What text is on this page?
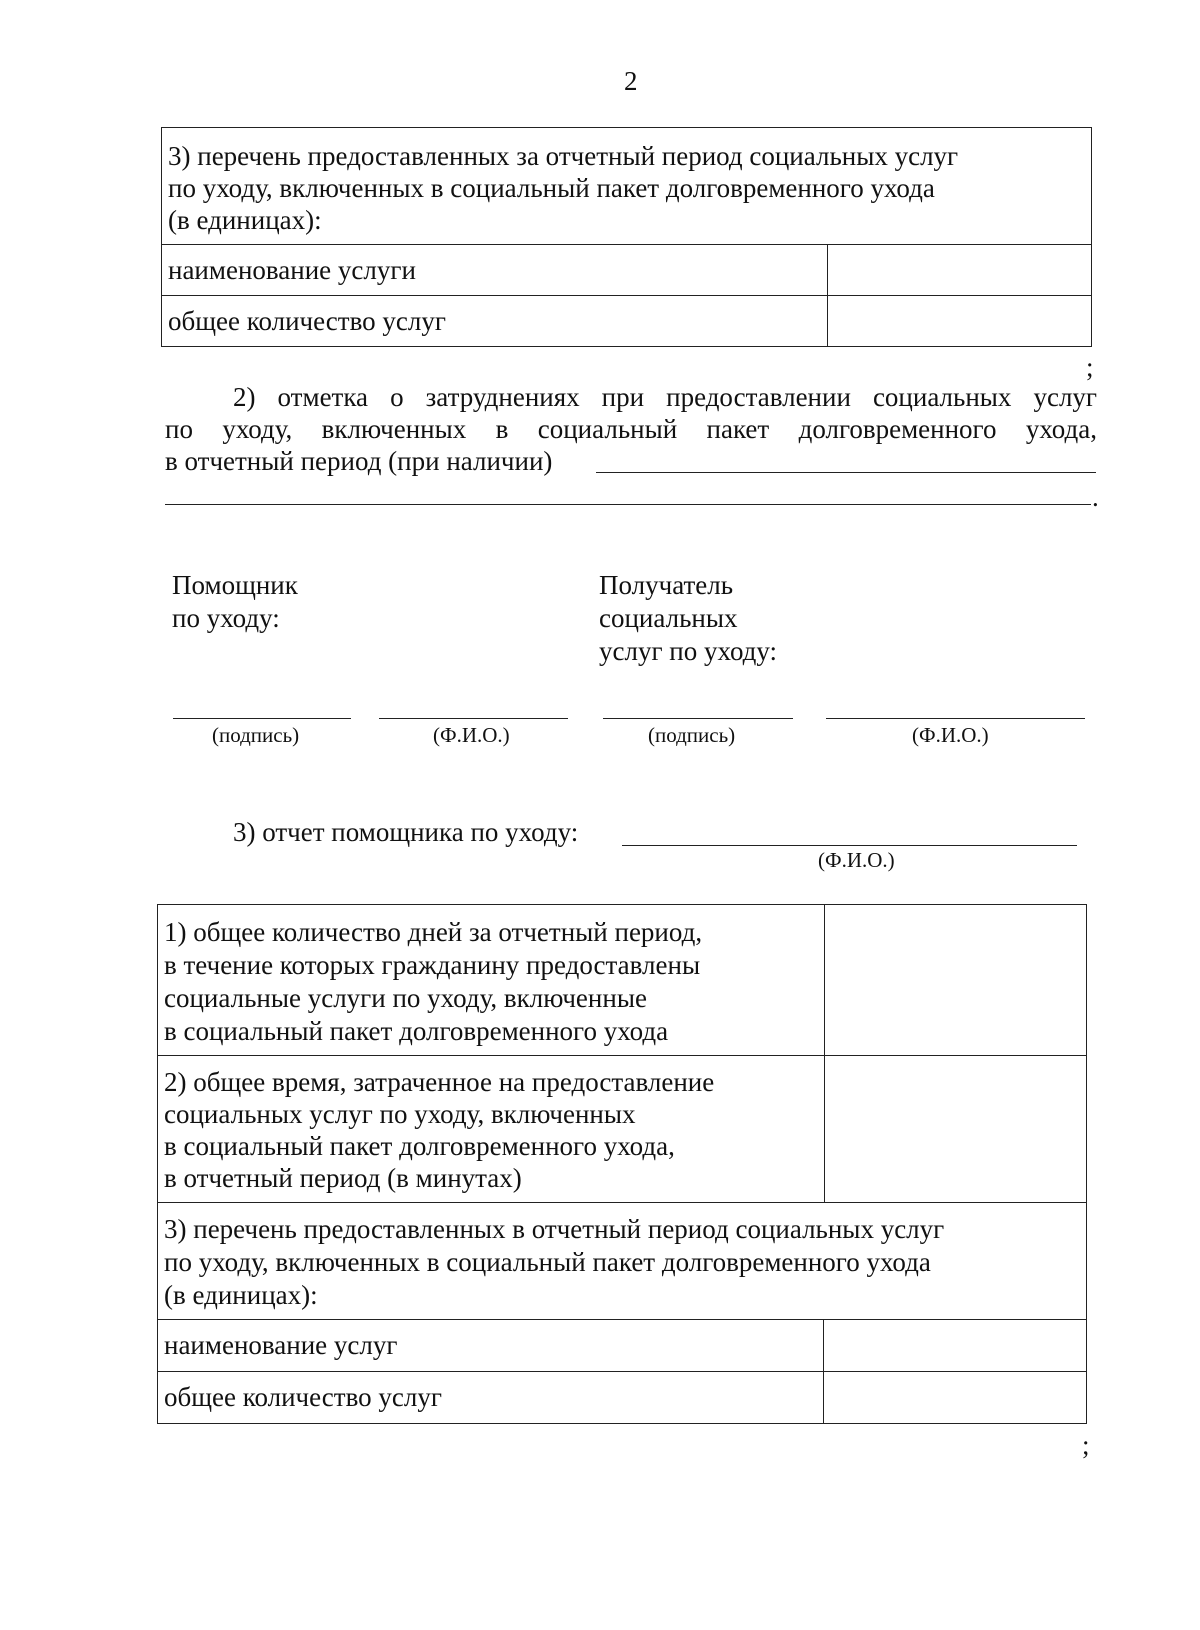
2
3) перечень предоставленных за отчетный период социальных услуг
по уходу, включенных в социальный пакет долговременного ухода
(в единицах):
наименование услуги
общее количество услуг
;
2) отметка о затруднениях при предоставлении социальных услуг
по уходу, включенных в социальный пакет долговременного ухода,
в отчетный период (при наличии)
.
Помощник
по уходу:
Получатель
социальных
услуг по уходу:
(подпись)	(Ф.И.О.)	(подпись)	(Ф.И.О.)
3) отчет помощника по уходу:
(Ф.И.О.)
1) общее количество дней за отчетный период,
в течение которых гражданину предоставлены
социальные услуги по уходу, включенные
в социальный пакет долговременного ухода
2) общее время, затраченное на предоставление
социальных услуг по уходу, включенных
в социальный пакет долговременного ухода,
в отчетный период (в минутах)
3) перечень предоставленных в отчетный период социальных услуг
по уходу, включенных в социальный пакет долговременного ухода
(в единицах):
наименование услуг
общее количество услуг
;
